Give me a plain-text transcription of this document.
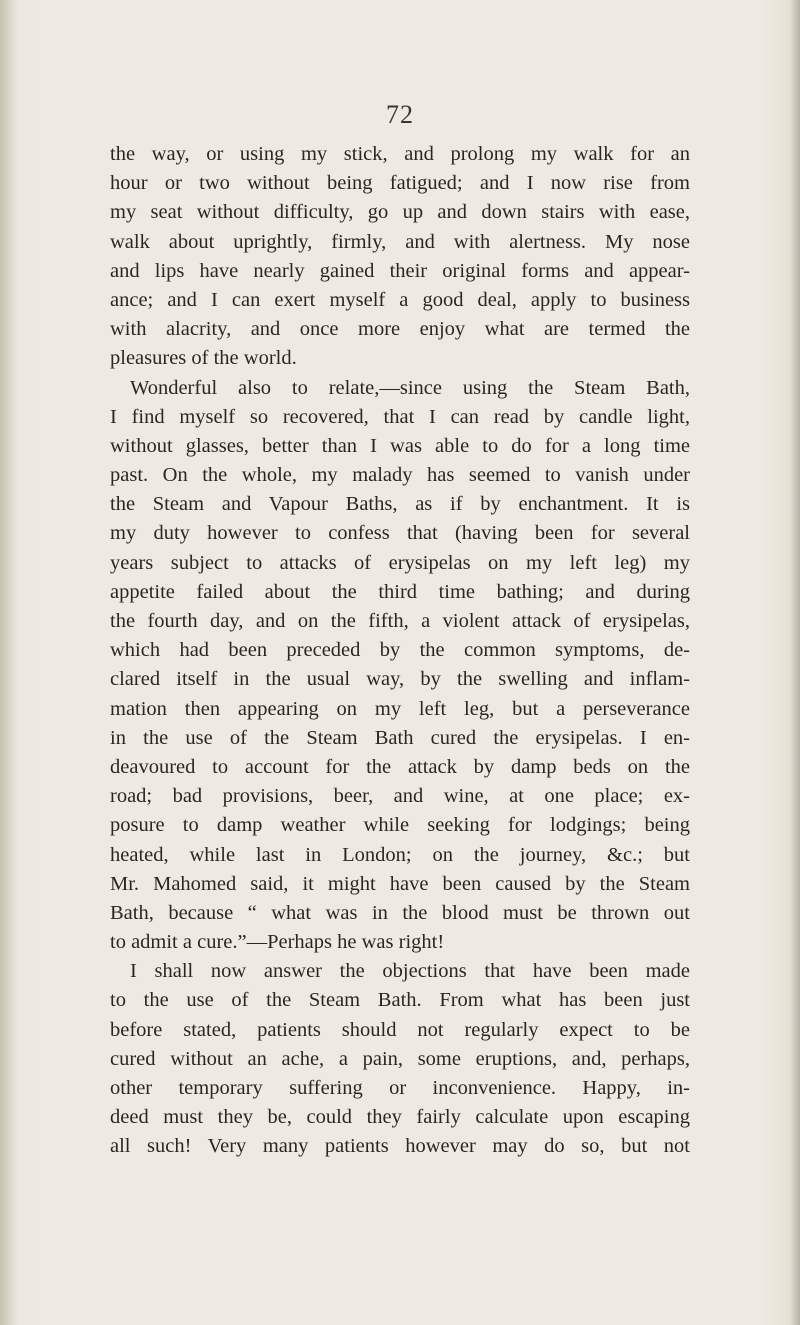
72
the way, or using my stick, and prolong my walk for an
hour or two without being fatigued; and I now rise from
my seat without difficulty, go up and down stairs with ease,
walk about uprightly, firmly, and with alertness. My nose
and lips have nearly gained their original forms and appear-
ance; and I can exert myself a good deal, apply to business
with alacrity, and once more enjoy what are termed the
pleasures of the world.
Wonderful also to relate,—since using the Steam Bath,
I find myself so recovered, that I can read by candle light,
without glasses, better than I was able to do for a long time
past. On the whole, my malady has seemed to vanish under
the Steam and Vapour Baths, as if by enchantment. It is
my duty however to confess that (having been for several
years subject to attacks of erysipelas on my left leg) my
appetite failed about the third time bathing; and during
the fourth day, and on the fifth, a violent attack of erysipelas,
which had been preceded by the common symptoms, de-
clared itself in the usual way, by the swelling and inflam-
mation then appearing on my left leg, but a perseverance
in the use of the Steam Bath cured the erysipelas. I en-
deavoured to account for the attack by damp beds on the
road; bad provisions, beer, and wine, at one place; ex-
posure to damp weather while seeking for lodgings; being
heated, while last in London; on the journey, &c.; but
Mr. Mahomed said, it might have been caused by the Steam
Bath, because “ what was in the blood must be thrown out
to admit a cure.”—Perhaps he was right!
I shall now answer the objections that have been made
to the use of the Steam Bath. From what has been just
before stated, patients should not regularly expect to be
cured without an ache, a pain, some eruptions, and, perhaps,
other temporary suffering or inconvenience. Happy, in-
deed must they be, could they fairly calculate upon escaping
all such! Very many patients however may do so, but not
